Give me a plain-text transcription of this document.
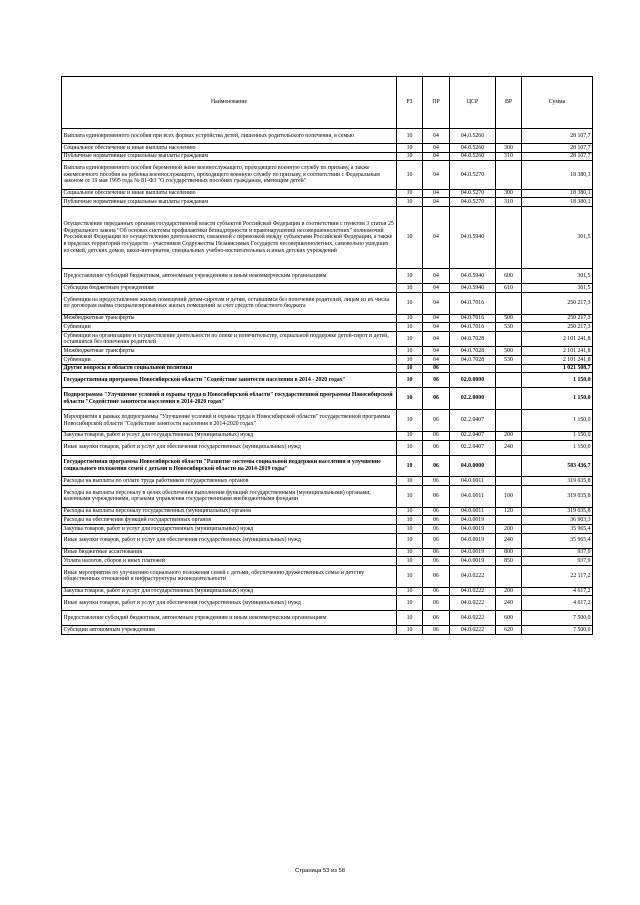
Наименование	РЗ	ПР	ЦСР	ВР	Сумма
Выплата единовременного пособия при всех формах устройства детей, лишенных родительского попечения, в семью	10	04	04.0.5260		28 107,7
Социальное обеспечение и иные выплаты населению	10	04	04.0.5260	300	28 107,7
Публичные нормативные социальные выплаты гражданам	10	04	04.0.5260	310	28 107,7
Выплата единовременного пособия беременной жене военнослужащего, проходящего военную службу по призыву, а также ежемесячного пособия на ребенка военнослужащего, проходящего военную службу по призыву, в соответствии с Федеральным законом от 19 мая 1995 года № 81-ФЗ "О государственных пособиях гражданам, имеющим детей"	10	04	04.0.5270		18 380,1
Социальное обеспечение и иные выплаты населению	10	04	04.0.5270	300	18 380,1
Публичные нормативные социальные выплаты гражданам	10	04	04.0.5270	310	18 380,1
Осуществление переданных органам государственной власти субъектов Российской Федерации в соответствии с пунктом 3 статьи 25 Федерального закона "Об основах системы профилактики безнадзорности и правонарушений несовершеннолетних" полномочий Российской Федерации по осуществлению деятельности, связанной с перевозкой между субъектами Российской Федерации, а также в пределах территорий государств - участников Содружества Независимых Государств несовершеннолетних, самовольно ушедших из семей, детских домов, школ-интернатов, специальных учебно-воспитательных и иных детских учреждений	10	04	04.0.5940		301,5
Предоставление субсидий бюджетным, автономным учреждениям и иным некоммерческим организациям	10	04	04.0.5940	600	301,5
Субсидии бюджетным учреждениям	10	04	04.0.5940	610	301,5
Субвенции на предоставление жилых помещений детям-сиротам и детям, оставшимся без попечения родителей, лицам из их числа по договорам найма специализированных жилых помещений за счет средств областного бюджета	10	04	04.0.7016		250 217,3
Межбюджетные трансферты	10	04	04.0.7016	500	250 217,3
Субвенции	10	04	04.0.7016	530	250 217,3
Субвенции на организацию и осуществление деятельности по опеке и попечительству, социальной поддержке детей-сирот и детей, оставшихся без попечения родителей	10	04	04.0.7028		2 101 241,8
Межбюджетные трансферты	10	04	04.0.7028	500	2 101 241,8
Субвенции	10	04	04.0.7028	530	2 101 241,8
Другие вопросы в области социальной политики	10	06			1 021 508,7
Государственная программа Новосибирской области "Содействие занятости населения в 2014 - 2020 годах"	10	06	02.0.0000		1 150,0
Подпрограмма "Улучшение условий и охраны труда в Новосибирской области" государственной программы Новосибирской области "Содействие занятости населения в 2014-2020 годах"	10	06	02.2.0000		1 150,0
Мероприятия в рамках подпрограммы "Улучшение условий и охраны труда в Новосибирской области" государственной программы Новосибирской области "Содействие занятости населения в 2014-2020 годах"	10	06	02.2.0407		1 150,0
Закупка товаров, работ и услуг для государственных (муниципальных) нужд	10	06	02.2.0407	200	1 150,0
Иные закупки товаров, работ и услуг для обеспечения государственных (муниципальных) нужд	10	06	02.2.0407	240	1 150,0
Государственная программа Новосибирской области "Развитие системы социальной поддержки населения и улучшение социального положения семей с детьми в Новосибирской области на 2014-2019 годы"	10	06	04.0.0000		583 436,7
Расходы на выплаты по оплате труда работников государственных органов	10	06	04.0.0011		319 035,8
Расходы на выплаты персоналу в целях обеспечения выполнения функций государственными (муниципальными) органами, казенными учреждениями, органами управления государственными внебюджетными фондами	10	06	04.0.0011	100	319 035,8
Расходы на выплаты персоналу государственных (муниципальных) органов	10	06	04.0.0011	120	319 035,8
Расходы на обеспечение функций государственных органов	10	06	04.0.0019		36 903,3
Закупка товаров, работ и услуг для государственных (муниципальных) нужд	10	06	04.0.0019	200	35 965,4
Иные закупки товаров, работ и услуг для обеспечения государственных (муниципальных) нужд	10	06	04.0.0019	240	35 965,4
Иные бюджетные ассигнования	10	06	04.0.0019	800	937,9
Уплата налогов, сборов и иных платежей	10	06	04.0.0019	850	937,9
Иные мероприятия по улучшению социального положения семей с детьми, обеспечению дружественных семье и детству общественных отношений и инфраструктуры жизнедеятельности	10	06	04.0.0222		22 117,2
Закупка товаров, работ и услуг для государственных (муниципальных) нужд	10	06	04.0.0222	200	4 617,2
Иные закупки товаров, работ и услуг для обеспечения государственных (муниципальных) нужд	10	06	04.0.0222	240	4 617,2
Предоставление субсидий бюджетным, автономным учреждениям и иным некоммерческим организациям	10	06	04.0.0222	600	7 500,0
Субсидии автономным учреждениям	10	06	04.0.0222	620	7 500,0
Страница 53 из 58
